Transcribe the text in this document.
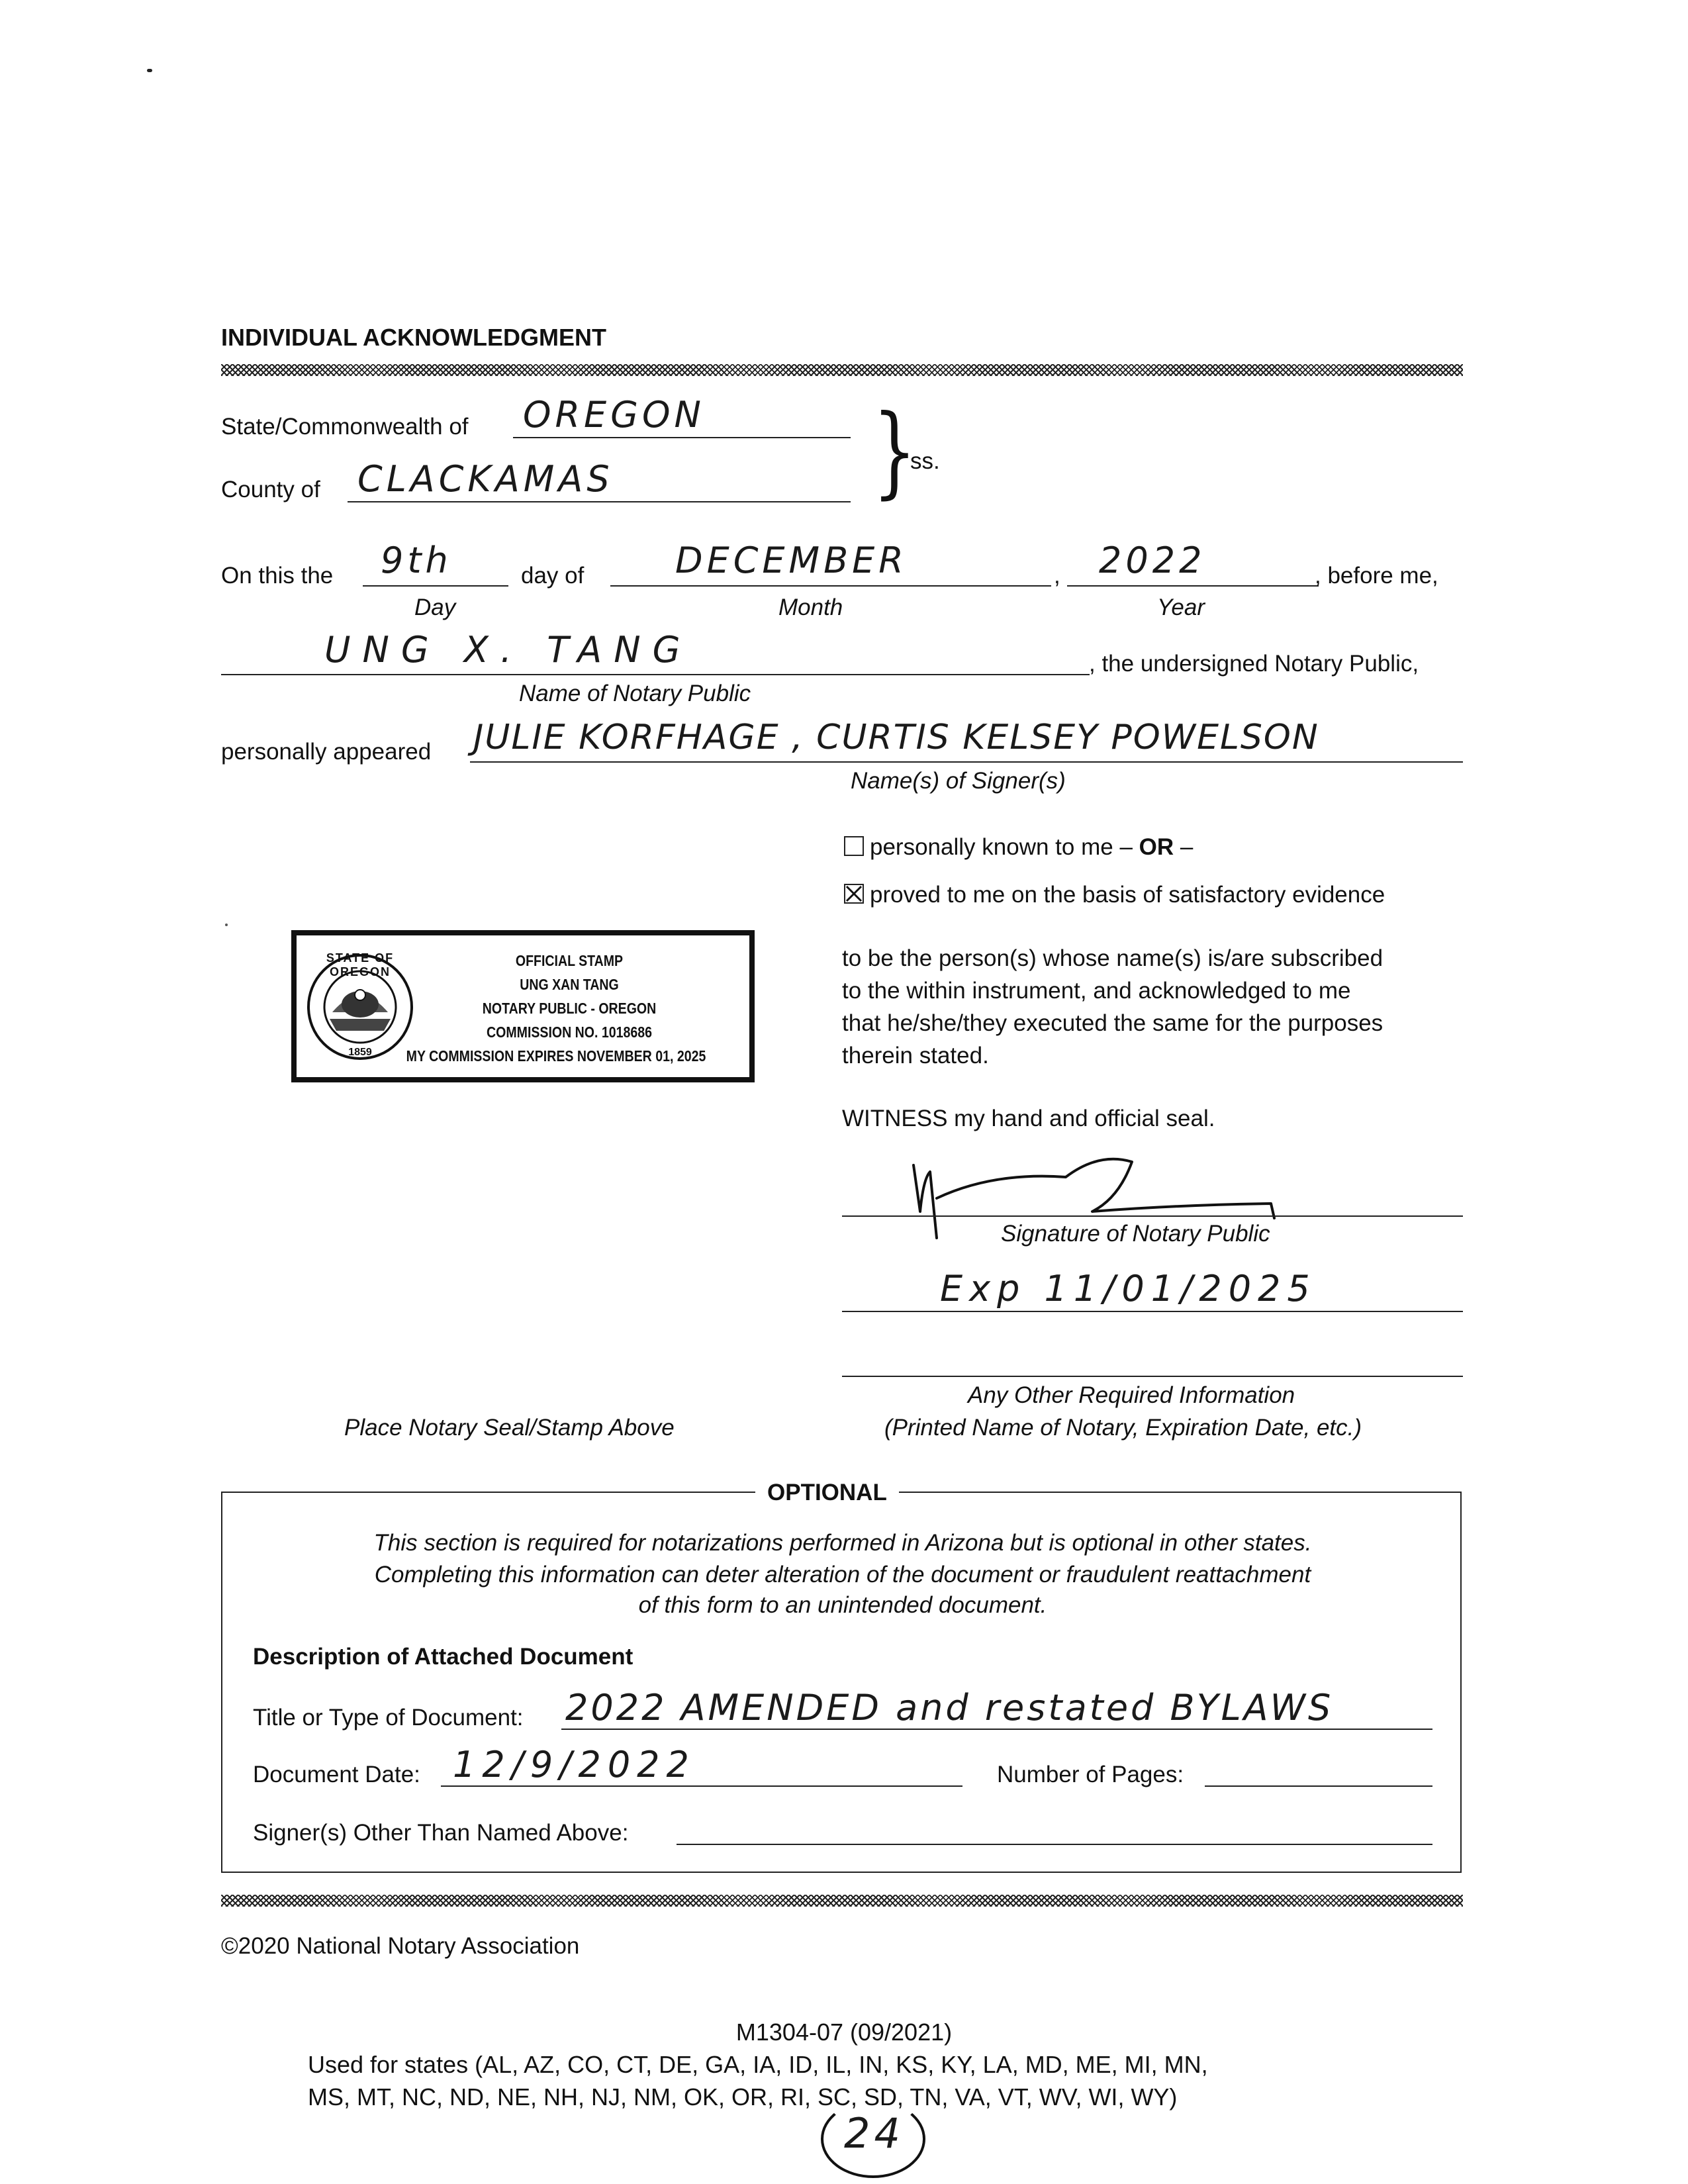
INDIVIDUAL ACKNOWLEDGMENT
State/Commonwealth of OREGON
County of CLACKAMAS	}
ss.
On this the 9th	day of	DECEMBER	, 2022	, before me,
Day	Month	Year
UNG X. TANG	, the undersigned Notary Public,
Name of Notary Public
personally appeared JULIE KORFHAGE , CURTIS KELSEY POWELSON
Name(s) of Signer(s)
personally known to me – OR –
proved to me on the basis of satisfactory evidence
to be the person(s) whose name(s) is/are subscribed
to the within instrument, and acknowledged to me
that he/she/they executed the same for the purposes
therein stated.
WITNESS my hand and official seal.
STATE OF OREGON
1859
OFFICIAL STAMP
UNG XAN TANG
NOTARY PUBLIC - OREGON
COMMISSION NO. 1018686
MY COMMISSION EXPIRES NOVEMBER 01, 2025
Signature of Notary Public
Exp 11/01/2025
Any Other Required Information
(Printed Name of Notary, Expiration Date, etc.)
Place Notary Seal/Stamp Above
OPTIONAL
This section is required for notarizations performed in Arizona but is optional in other states.
Completing this information can deter alteration of the document or fraudulent reattachment
of this form to an unintended document.
Description of Attached Document
Title or Type of Document: 2022 AMENDED and restated BYLAWS
Document Date: 12/9/2022	Number of Pages:
Signer(s) Other Than Named Above:
©2020 National Notary Association
M1304-07 (09/2021)
Used for states (AL, AZ, CO, CT, DE, GA, IA, ID, IL, IN, KS, KY, LA, MD, ME, MI, MN,
MS, MT, NC, ND, NE, NH, NJ, NM, OK, OR, RI, SC, SD, TN, VA, VT, WV, WI, WY)
24
